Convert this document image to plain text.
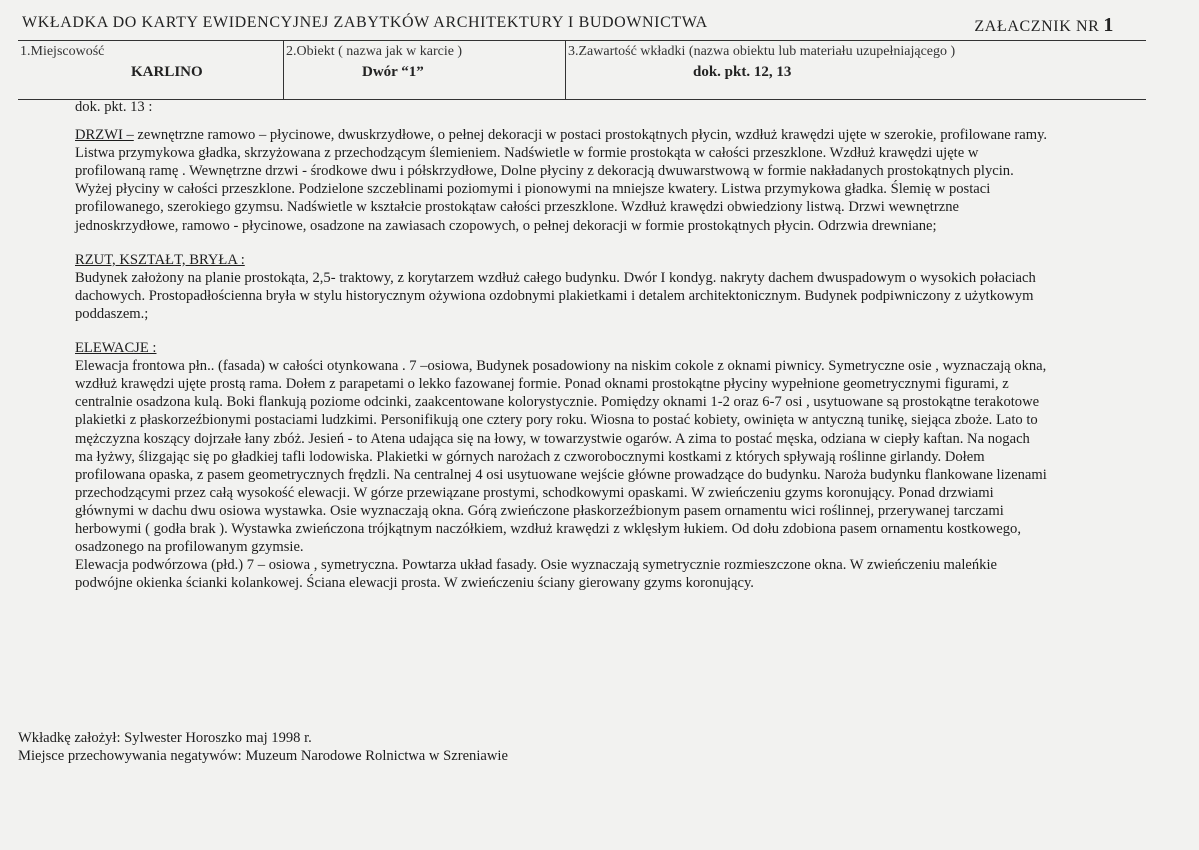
WKŁADKA DO KARTY EWIDENCYJNEJ ZABYTKÓW ARCHITEKTURY I BUDOWNICTWA	ZAŁACZNIK NR 1
1.Miejscowość
KARLINO
2.Obiekt ( nazwa jak w karcie )
Dwór “1”
3.Zawartość wkładki (nazwa obiektu lub materiału uzupełniającego )
dok. pkt. 12, 13

dok. pkt. 13 :

DRZWI – zewnętrzne ramowo – płycinowe, dwuskrzydłowe, o pełnej dekoracji w postaci prostokątnych płycin, wzdłuż krawędzi ujęte w szerokie, profilowane ramy. Listwa przymykowa gładka, skrzyżowana z przechodzącym ślemieniem. Nadświetle w formie prostokąta w całości przeszklone. Wzdłuż krawędzi ujęte w profilowaną ramę . Wewnętrzne drzwi - środkowe dwu i półskrzydłowe, Dolne płyciny z dekoracją dwuwarstwową w formie nakładanych prostokątnych plycin. Wyżej płyciny w całości przeszklone. Podzielone szczeblinami poziomymi i pionowymi na mniejsze kwatery. Listwa przymykowa gładka. Ślemię w postaci profilowanego, szerokiego gzymsu. Nadświetle w kształcie prostokątaw całości przeszklone. Wzdłuż krawędzi obwiedziony listwą. Drzwi wewnętrzne jednoskrzydłowe, ramowo - płycinowe, osadzone na zawiasach czopowych, o pełnej dekoracji w formie prostokątnych płycin. Odrzwia drewniane;

RZUT, KSZTAŁT, BRYŁA :

Budynek założony na planie prostokąta, 2,5- traktowy, z korytarzem wzdłuż całego budynku. Dwór I kondyg. nakryty dachem dwuspadowym o wysokich połaciach dachowych. Prostopadłościenna bryła w stylu historycznym ożywiona ozdobnymi plakietkami i detalem architektonicznym. Budynek podpiwniczony z użytkowym poddaszem.;

ELEWACJE :

Elewacja frontowa płn.. (fasada) w całości otynkowana . 7 –osiowa, Budynek posadowiony na niskim cokole z oknami piwnicy. Symetryczne osie , wyznaczają okna, wzdłuż krawędzi ujęte prostą rama. Dołem z parapetami o lekko fazowanej formie. Ponad oknami prostokątne płyciny wypełnione geometrycznymi figurami, z centralnie osadzona kulą. Boki flankują poziome odcinki, zaakcentowane kolorystycznie. Pomiędzy oknami 1-2 oraz 6-7 osi , usytuowane są prostokątne terakotowe plakietki z płaskorzeźbionymi postaciami ludzkimi. Personifikują one cztery pory roku. Wiosna to postać kobiety, owinięta w antyczną tunikę, siejąca zboże. Lato to mężczyzna koszący dojrzałe łany zbóż. Jesień - to Atena udająca się na łowy, w towarzystwie ogarów. A zima to postać męska, odziana w ciepły kaftan. Na nogach ma łyżwy, ślizgając się po gładkiej tafli lodowiska. Plakietki w górnych narożach z czworobocznymi kostkami z których spływają roślinne girlandy. Dołem profilowana opaska, z pasem geometrycznych frędzli. Na centralnej 4 osi usytuowane wejście główne prowadzące do budynku. Naroża budynku flankowane lizenami przechodzącymi przez całą wysokość elewacji. W górze przewiązane prostymi, schodkowymi opaskami. W zwieńczeniu gzyms koronujący. Ponad drzwiami głównymi w dachu dwu osiowa wystawka. Osie wyznaczają okna. Górą zwieńczone płaskorzeźbionym pasem ornamentu wici roślinnej, przerywanej tarczami herbowymi ( godła brak ). Wystawka zwieńczona trójkątnym naczółkiem, wzdłuż krawędzi z wklęsłym łukiem. Od dołu zdobiona pasem ornamentu kostkowego, osadzonego na profilowanym gzymsie.

Elewacja podwórzowa (płd.) 7 – osiowa , symetryczna. Powtarza układ fasady. Osie wyznaczają symetrycznie rozmieszczone okna. W zwieńczeniu maleńkie podwójne okienka ścianki kolankowej. Ściana elewacji prosta. W zwieńczeniu ściany gierowany gzyms koronujący.

Wkładkę założył: Sylwester Horoszko maj 1998 r.
Miejsce przechowywania negatywów: Muzeum Narodowe Rolnictwa w Szreniawie
